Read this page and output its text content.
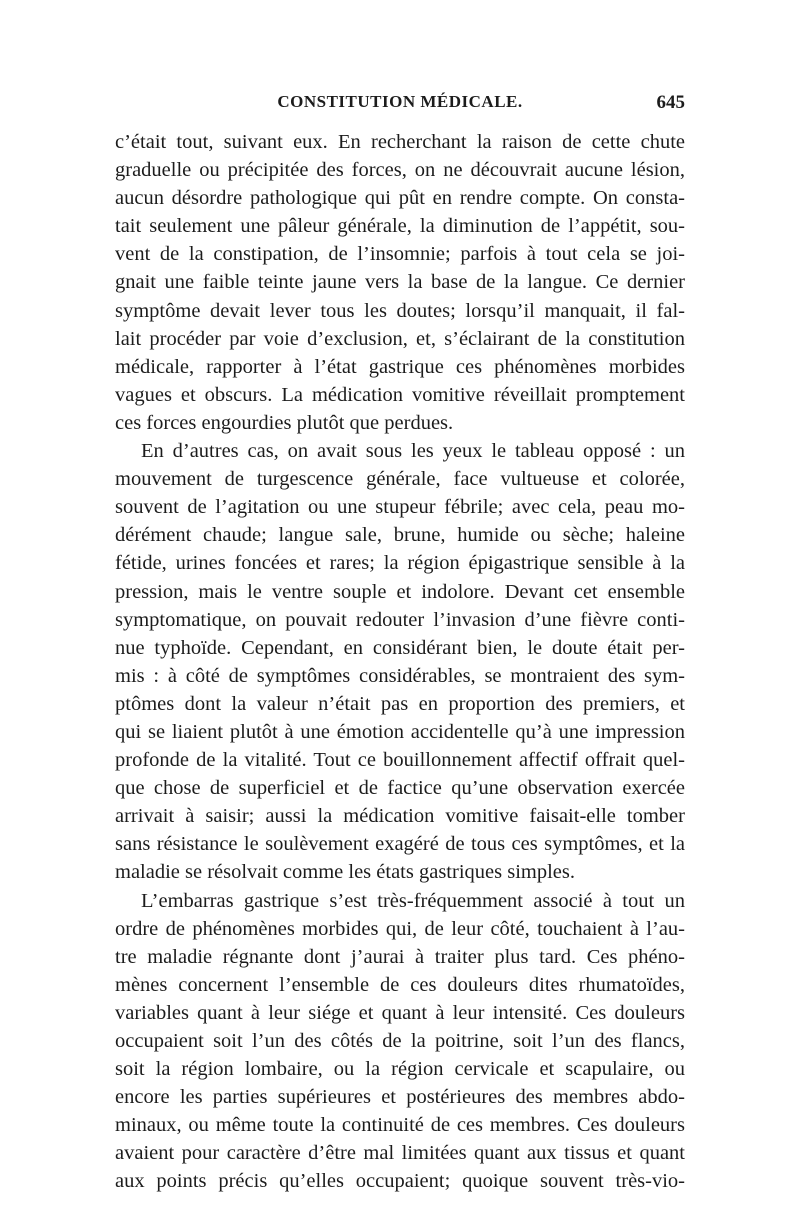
CONSTITUTION MÉDICALE.	645
c’était tout, suivant eux. En recherchant la raison de cette chute
graduelle ou précipitée des forces, on ne découvrait aucune lésion,
aucun désordre pathologique qui pût en rendre compte. On consta-
tait seulement une pâleur générale, la diminution de l’appétit, sou-
vent de la constipation, de l’insomnie; parfois à tout cela se joi-
gnait une faible teinte jaune vers la base de la langue. Ce dernier
symptôme devait lever tous les doutes; lorsqu’il manquait, il fal-
lait procéder par voie d’exclusion, et, s’éclairant de la constitution
médicale, rapporter à l’état gastrique ces phénomènes morbides
vagues et obscurs. La médication vomitive réveillait promptement
ces forces engourdies plutôt que perdues.
En d’autres cas, on avait sous les yeux le tableau opposé : un
mouvement de turgescence générale, face vultueuse et colorée,
souvent de l’agitation ou une stupeur fébrile; avec cela, peau mo-
dérément chaude; langue sale, brune, humide ou sèche; haleine
fétide, urines foncées et rares; la région épigastrique sensible à la
pression, mais le ventre souple et indolore. Devant cet ensemble
symptomatique, on pouvait redouter l’invasion d’une fièvre conti-
nue typhoïde. Cependant, en considérant bien, le doute était per-
mis : à côté de symptômes considérables, se montraient des sym-
ptômes dont la valeur n’était pas en proportion des premiers, et
qui se liaient plutôt à une émotion accidentelle qu’à une impression
profonde de la vitalité. Tout ce bouillonnement affectif offrait quel-
que chose de superficiel et de factice qu’une observation exercée
arrivait à saisir; aussi la médication vomitive faisait-elle tomber
sans résistance le soulèvement exagéré de tous ces symptômes, et la
maladie se résolvait comme les états gastriques simples.
L’embarras gastrique s’est très-fréquemment associé à tout un
ordre de phénomènes morbides qui, de leur côté, touchaient à l’au-
tre maladie régnante dont j’aurai à traiter plus tard. Ces phéno-
mènes concernent l’ensemble de ces douleurs dites rhumatoïdes,
variables quant à leur siége et quant à leur intensité. Ces douleurs
occupaient soit l’un des côtés de la poitrine, soit l’un des flancs,
soit la région lombaire, ou la région cervicale et scapulaire, ou
encore les parties supérieures et postérieures des membres abdo-
minaux, ou même toute la continuité de ces membres. Ces douleurs
avaient pour caractère d’être mal limitées quant aux tissus et quant
aux points précis qu’elles occupaient; quoique souvent très-vio-
